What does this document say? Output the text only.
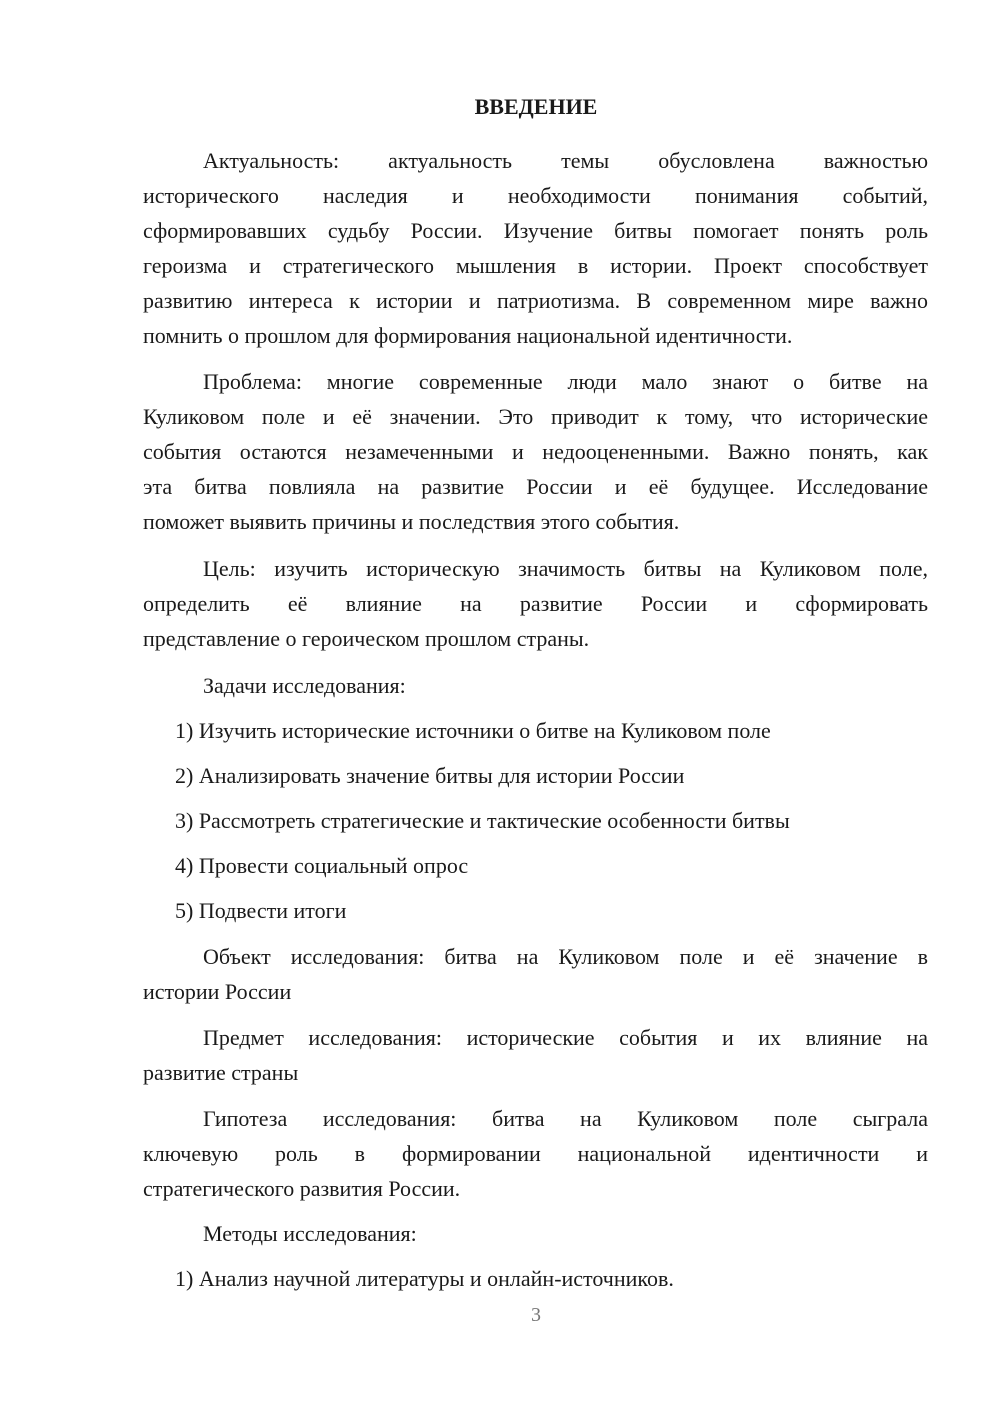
ВВЕДЕНИЕ
Актуальность: актуальность темы обусловлена важностью
исторического наследия и необходимости понимания событий,
сформировавших судьбу России. Изучение битвы помогает понять роль
героизма и стратегического мышления в истории. Проект способствует
развитию интереса к истории и патриотизма. В современном мире важно
помнить о прошлом для формирования национальной идентичности.
Проблема: многие современные люди мало знают о битве на
Куликовом поле и её значении. Это приводит к тому, что исторические
события остаются незамеченными и недооцененными. Важно понять, как
эта битва повлияла на развитие России и её будущее. Исследование
поможет выявить причины и последствия этого события.
Цель: изучить историческую значимость битвы на Куликовом поле,
определить её влияние на развитие России и сформировать
представление о героическом прошлом страны.
Задачи исследования:
1) Изучить исторические источники о битве на Куликовом поле
2) Анализировать значение битвы для истории России
3) Рассмотреть стратегические и тактические особенности битвы
4) Провести социальный опрос
5) Подвести итоги
Объект исследования: битва на Куликовом поле и её значение в
истории России
Предмет исследования: исторические события и их влияние на
развитие страны
Гипотеза исследования: битва на Куликовом поле сыграла
ключевую роль в формировании национальной идентичности и
стратегического развития России.
Методы исследования:
1) Анализ научной литературы и онлайн-источников.
3
